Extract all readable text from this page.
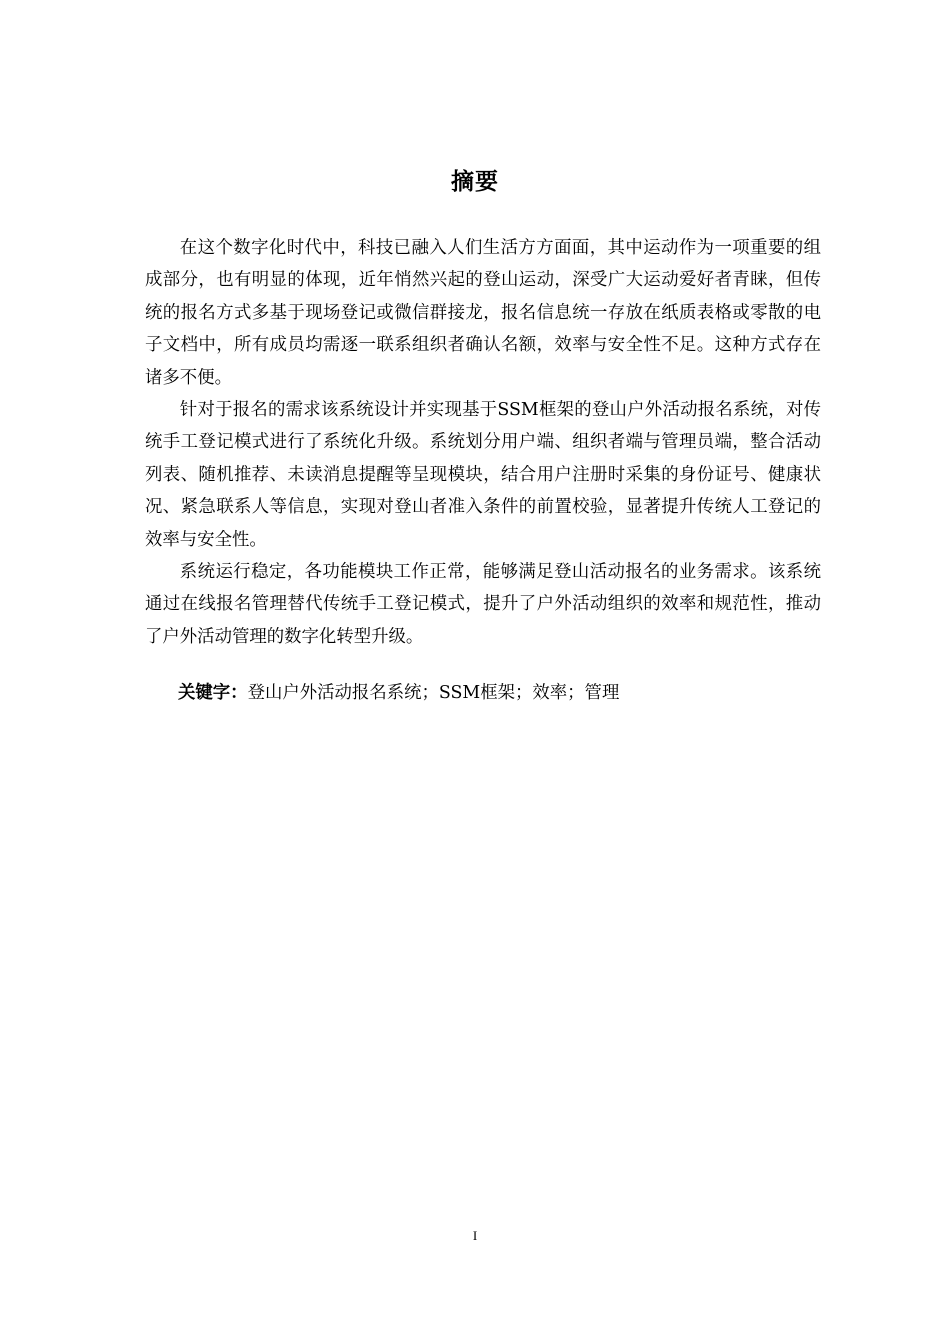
摘要

在这个数字化时代中，科技已融入人们生活方方面面，其中运动作为一项重要的组成部分，也有明显的体现，近年悄然兴起的登山运动，深受广大运动爱好者青睐，但传统的报名方式多基于现场登记或微信群接龙，报名信息统一存放在纸质表格或零散的电子文档中，所有成员均需逐一联系组织者确认名额，效率与安全性不足。这种方式存在诸多不便。

针对于报名的需求该系统设计并实现基于SSM框架的登山户外活动报名系统，对传统手工登记模式进行了系统化升级。系统划分用户端、组织者端与管理员端，整合活动列表、随机推荐、未读消息提醒等呈现模块，结合用户注册时采集的身份证号、健康状况、紧急联系人等信息，实现对登山者准入条件的前置校验，显著提升传统人工登记的效率与安全性。

系统运行稳定，各功能模块工作正常，能够满足登山活动报名的业务需求。该系统通过在线报名管理替代传统手工登记模式，提升了户外活动组织的效率和规范性，推动了户外活动管理的数字化转型升级。

关键字：登山户外活动报名系统；SSM框架；效率；管理
I
